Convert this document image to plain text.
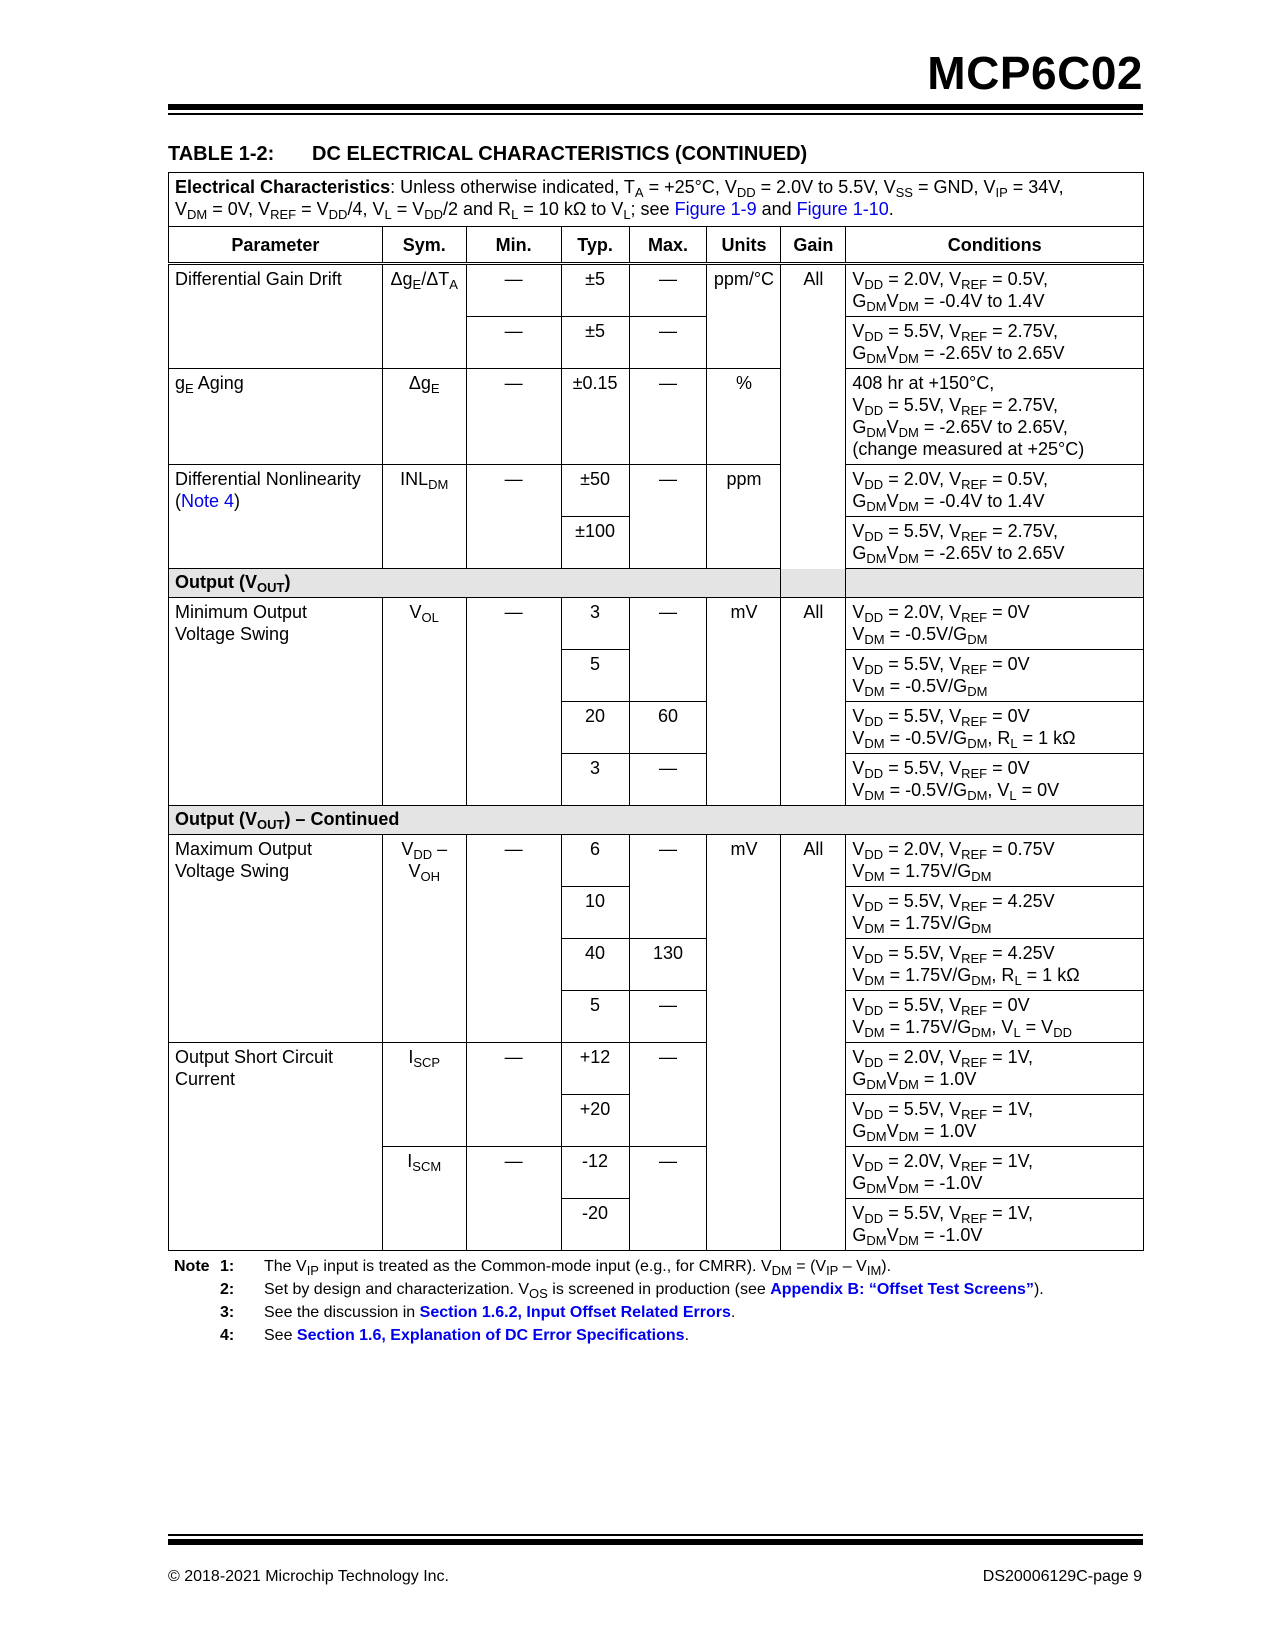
MCP6C02
TABLE 1-2: DC ELECTRICAL CHARACTERISTICS (CONTINUED)
Electrical Characteristics: Unless otherwise indicated, $T_A = +25^\circ C$, $V_{DD} = 2.0V$ to 5.5V, $V_{SS}$ = GND, $V_{IP} = 34V$,
$V_{DM} = 0V$, $V_{REF} = V_{DD}/4$, $V_L = V_{DD}/2$ and $R_L = 10$ kΩ to $V_L$; see Figure 1-9 and Figure 1-10.							
Parameter	Sym.	Min.	Typ.	Max.	Units	Gain	Conditions
Differential Gain Drift	$\Delta g_E/\Delta T_A$	—	±5	—	ppm/°C	All	$V_{DD} = 2.0V$, $V_{REF} = 0.5V$,
$G_{DM}V_{DM} = -0.4V$ to 1.4V
		—	±5	—			$V_{DD} = 5.5V$, $V_{REF} = 2.75V$,
$G_{DM}V_{DM} = -2.65V$ to 2.65V
$g_E$ Aging	$\Delta g_E$	—	±0.15	—	%		408 hr at +150°C,
$V_{DD} = 5.5V$, $V_{REF} = 2.75V$,
$G_{DM}V_{DM} = -2.65V$ to 2.65V,
(change measured at +25°C)
Differential Nonlinearity
(Note 4)	$INL_{DM}$	—	±50	—	ppm		$V_{DD} = 2.0V$, $V_{REF} = 0.5V$,
$G_{DM}V_{DM} = -0.4V$ to 1.4V
			±100				$V_{DD} = 5.5V$, $V_{REF} = 2.75V$,
$G_{DM}V_{DM} = -2.65V$ to 2.65V
Output $(V_{OUT})$							
Minimum Output
Voltage Swing	$V_{OL}$	—	3	—	mV	All	$V_{DD} = 2.0V$, $V_{REF} = 0V$
$V_{DM} = -0.5V/G_{DM}$
			5				$V_{DD} = 5.5V$, $V_{REF} = 0V$
$V_{DM} = -0.5V/G_{DM}$
			20	60			$V_{DD} = 5.5V$, $V_{REF} = 0V$
$V_{DM} = -0.5V/G_{DM}$, $R_L = 1$ kΩ
			3	—			$V_{DD} = 5.5V$, $V_{REF} = 0V$
$V_{DM} = -0.5V/G_{DM}$, $V_L = 0V$
Output $(V_{OUT})$ – Continued							
Maximum Output
Voltage Swing	$V_{DD}$ –
$V_{OH}$	—	6	—	mV	All	$V_{DD} = 2.0V$, $V_{REF} = 0.75V$
$V_{DM} = 1.75V/G_{DM}$
			10				$V_{DD} = 5.5V$, $V_{REF} = 4.25V$
$V_{DM} = 1.75V/G_{DM}$
			40	130			$V_{DD} = 5.5V$, $V_{REF} = 4.25V$
$V_{DM} = 1.75V/G_{DM}$, $R_L = 1$ kΩ
			5	—			$V_{DD} = 5.5V$, $V_{REF} = 0V$
$V_{DM} = 1.75V/G_{DM}$, $V_L = V_{DD}$
Output Short Circuit
Current	$I_{SCP}$	—	+12	—			$V_{DD} = 2.0V$, $V_{REF} = 1V$,
$G_{DM}V_{DM} = 1.0V$
			+20				$V_{DD} = 5.5V$, $V_{REF} = 1V$,
$G_{DM}V_{DM} = 1.0V$
	$I_{SCM}$	—	-12	—			$V_{DD} = 2.0V$, $V_{REF} = 1V$,
$G_{DM}V_{DM} = -1.0V$
			-20				$V_{DD} = 5.5V$, $V_{REF} = 1V$,
$G_{DM}V_{DM} = -1.0V$
Note 1:	The $V_{IP}$ input is treated as the Common-mode input (e.g., for CMRR). $V_{DM} = (V_{IP} - V_{IM})$.
2:	Set by design and characterization. $V_{OS}$ is screened in production (see Appendix B: “Offset Test Screens”).
3:	See the discussion in Section 1.6.2, Input Offset Related Errors.
4:	See Section 1.6, Explanation of DC Error Specifications.
© 2018-2021 Microchip Technology Inc.	DS20006129C-page 9
